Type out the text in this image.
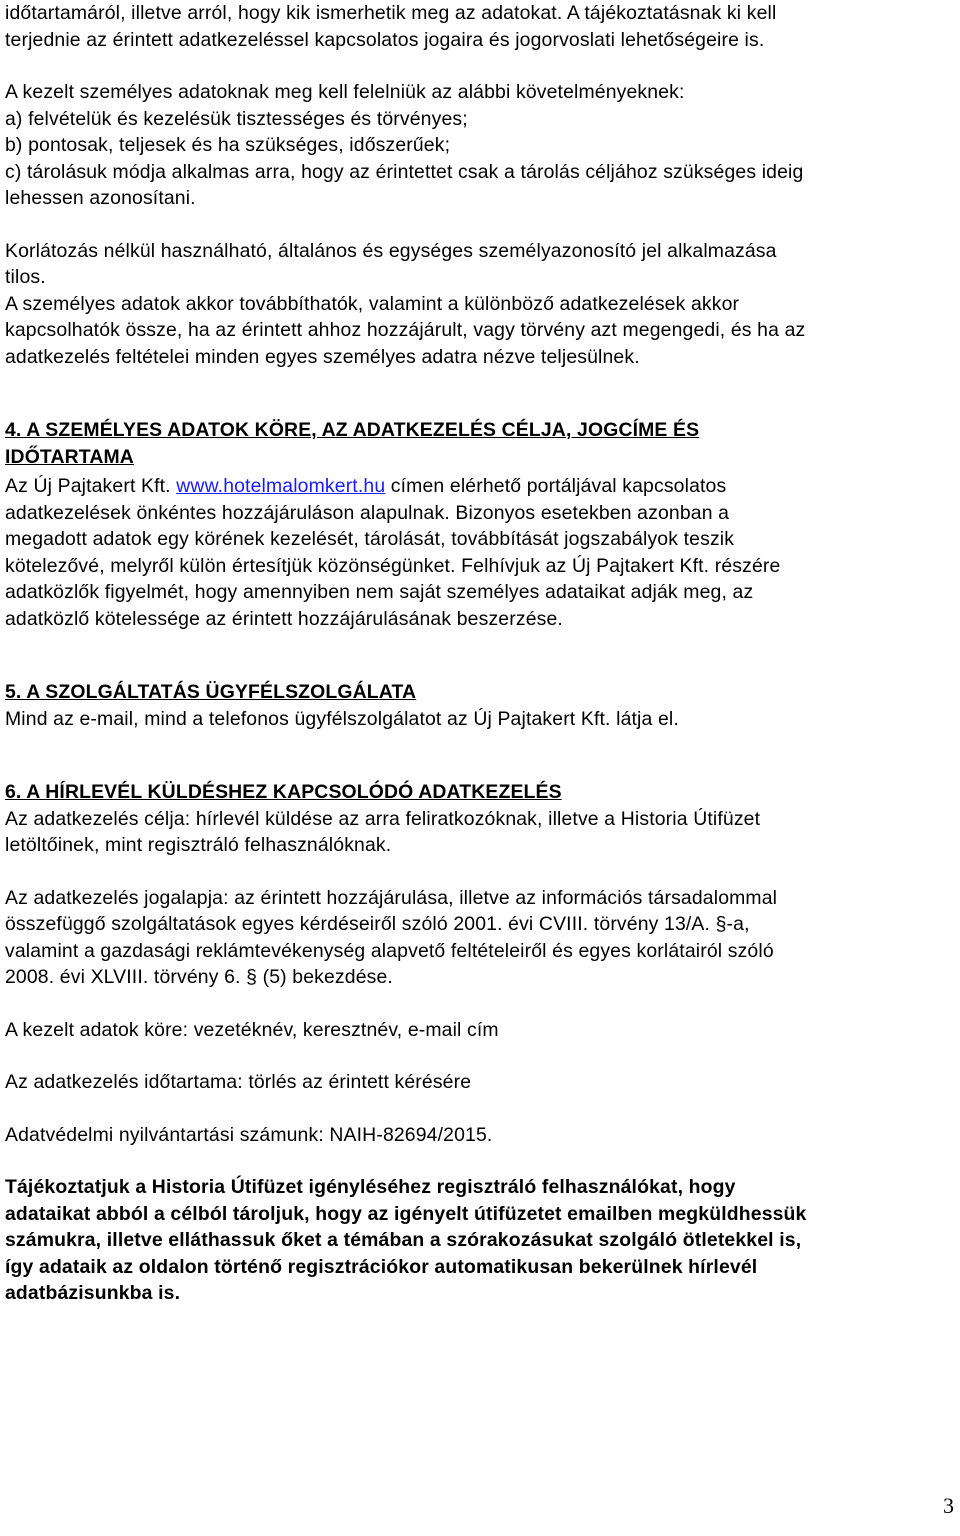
időtartamáról, illetve arról, hogy kik ismerhetik meg az adatokat. A tájékoztatásnak ki kell
terjednie az érintett adatkezeléssel kapcsolatos jogaira és jogorvoslati lehetőségeire is.

A kezelt személyes adatoknak meg kell felelniük az alábbi követelményeknek:
a) felvételük és kezelésük tisztességes és törvényes;
b) pontosak, teljesek és ha szükséges, időszerűek;
c) tárolásuk módja alkalmas arra, hogy az érintettet csak a tárolás céljához szükséges ideig
lehessen azonosítani.

Korlátozás nélkül használható, általános és egységes személyazonosító jel alkalmazása
tilos.
A személyes adatok akkor továbbíthatók, valamint a különböző adatkezelések akkor
kapcsolhatók össze, ha az érintett ahhoz hozzájárult, vagy törvény azt megengedi, és ha az
adatkezelés feltételei minden egyes személyes adatra nézve teljesülnek.

4. A SZEMÉLYES ADATOK KÖRE, AZ ADATKEZELÉS CÉLJA, JOGCÍME ÉS
IDŐTARTAMA

Az Új Pajtakert Kft. www.hotelmalomkert.hu címen elérhető portáljával kapcsolatos
adatkezelések önkéntes hozzájáruláson alapulnak. Bizonyos esetekben azonban a
megadott adatok egy körének kezelését, tárolását, továbbítását jogszabályok teszik
kötelezővé, melyről külön értesítjük közönségünket. Felhívjuk az Új Pajtakert Kft. részére
adatközlők figyelmét, hogy amennyiben nem saját személyes adataikat adják meg, az
adatközlő kötelessége az érintett hozzájárulásának beszerzése.

5. A SZOLGÁLTATÁS ÜGYFÉLSZOLGÁLATA

Mind az e-mail, mind a telefonos ügyfélszolgálatot az Új Pajtakert Kft. látja el.

6. A HÍRLEVÉL KÜLDÉSHEZ KAPCSOLÓDÓ ADATKEZELÉS

Az adatkezelés célja: hírlevél küldése az arra feliratkozóknak, illetve a Historia Útifüzet
letöltőinek, mint regisztráló felhasználóknak.

Az adatkezelés jogalapja: az érintett hozzájárulása, illetve az információs társadalommal
összefüggő szolgáltatások egyes kérdéseiről szóló 2001. évi CVIII. törvény 13/A. §-a,
valamint a gazdasági reklámtevékenység alapvető feltételeiről és egyes korlátairól szóló
2008. évi XLVIII. törvény 6. § (5) bekezdése.

A kezelt adatok köre: vezetéknév, keresztnév, e-mail cím

Az adatkezelés időtartama: törlés az érintett kérésére

Adatvédelmi nyilvántartási számunk: NAIH-82694/2015.

Tájékoztatjuk a Historia Útifüzet igényléséhez regisztráló felhasználókat, hogy
adataikat abból a célból tároljuk, hogy az igényelt útifüzetet emailben megküldhessük
számukra, illetve elláthassuk őket a témában a szórakozásukat szolgáló ötletekkel is,
így adataik az oldalon történő regisztrációkor automatikusan bekerülnek hírlevél
adatbázisunkba is.

3
